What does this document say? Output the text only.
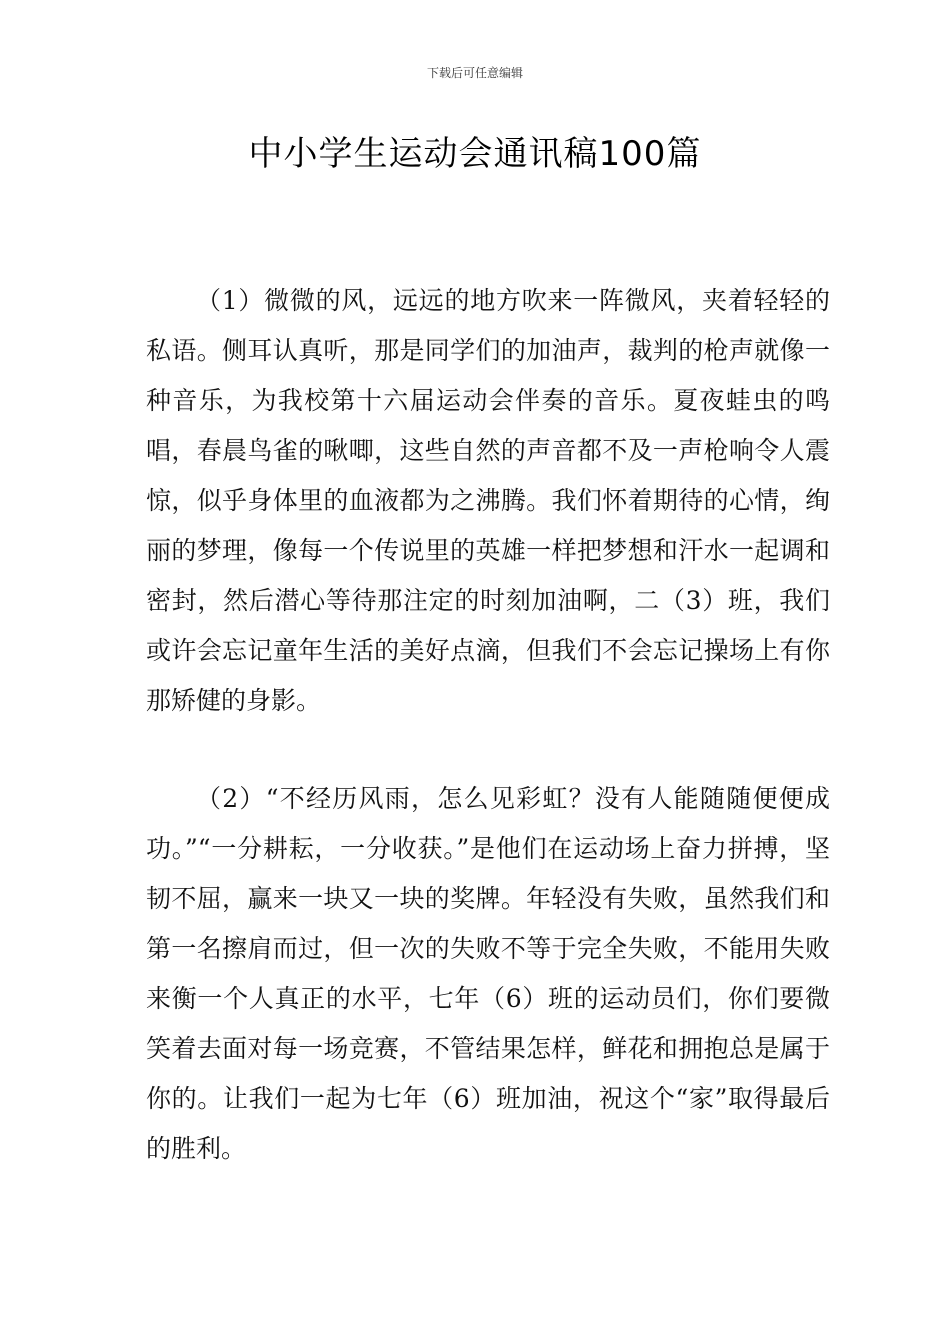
下载后可任意编辑
中小学生运动会通讯稿100篇

（1）微微的风，远远的地方吹来一阵微风，夹着轻轻的私语。侧耳认真听，那是同学们的加油声，裁判的枪声就像一种音乐，为我校第十六届运动会伴奏的音乐。夏夜蛙虫的鸣唱，春晨鸟雀的啾唧，这些自然的声音都不及一声枪响令人震惊，似乎身体里的血液都为之沸腾。我们怀着期待的心情，绚丽的梦理，像每一个传说里的英雄一样把梦想和汗水一起调和密封，然后潜心等待那注定的时刻加油啊，二（3）班，我们或许会忘记童年生活的美好点滴，但我们不会忘记操场上有你那矫健的身影。

（2）“不经历风雨，怎么见彩虹？没有人能随随便便成功。”“一分耕耘，一分收获。”是他们在运动场上奋力拼搏，坚韧不屈，赢来一块又一块的奖牌。年轻没有失败，虽然我们和第一名擦肩而过，但一次的失败不等于完全失败，不能用失败来衡一个人真正的水平，七年（6）班的运动员们，你们要微笑着去面对每一场竞赛，不管结果怎样，鲜花和拥抱总是属于你的。让我们一起为七年（6）班加油，祝这个“家”取得最后的胜利。
